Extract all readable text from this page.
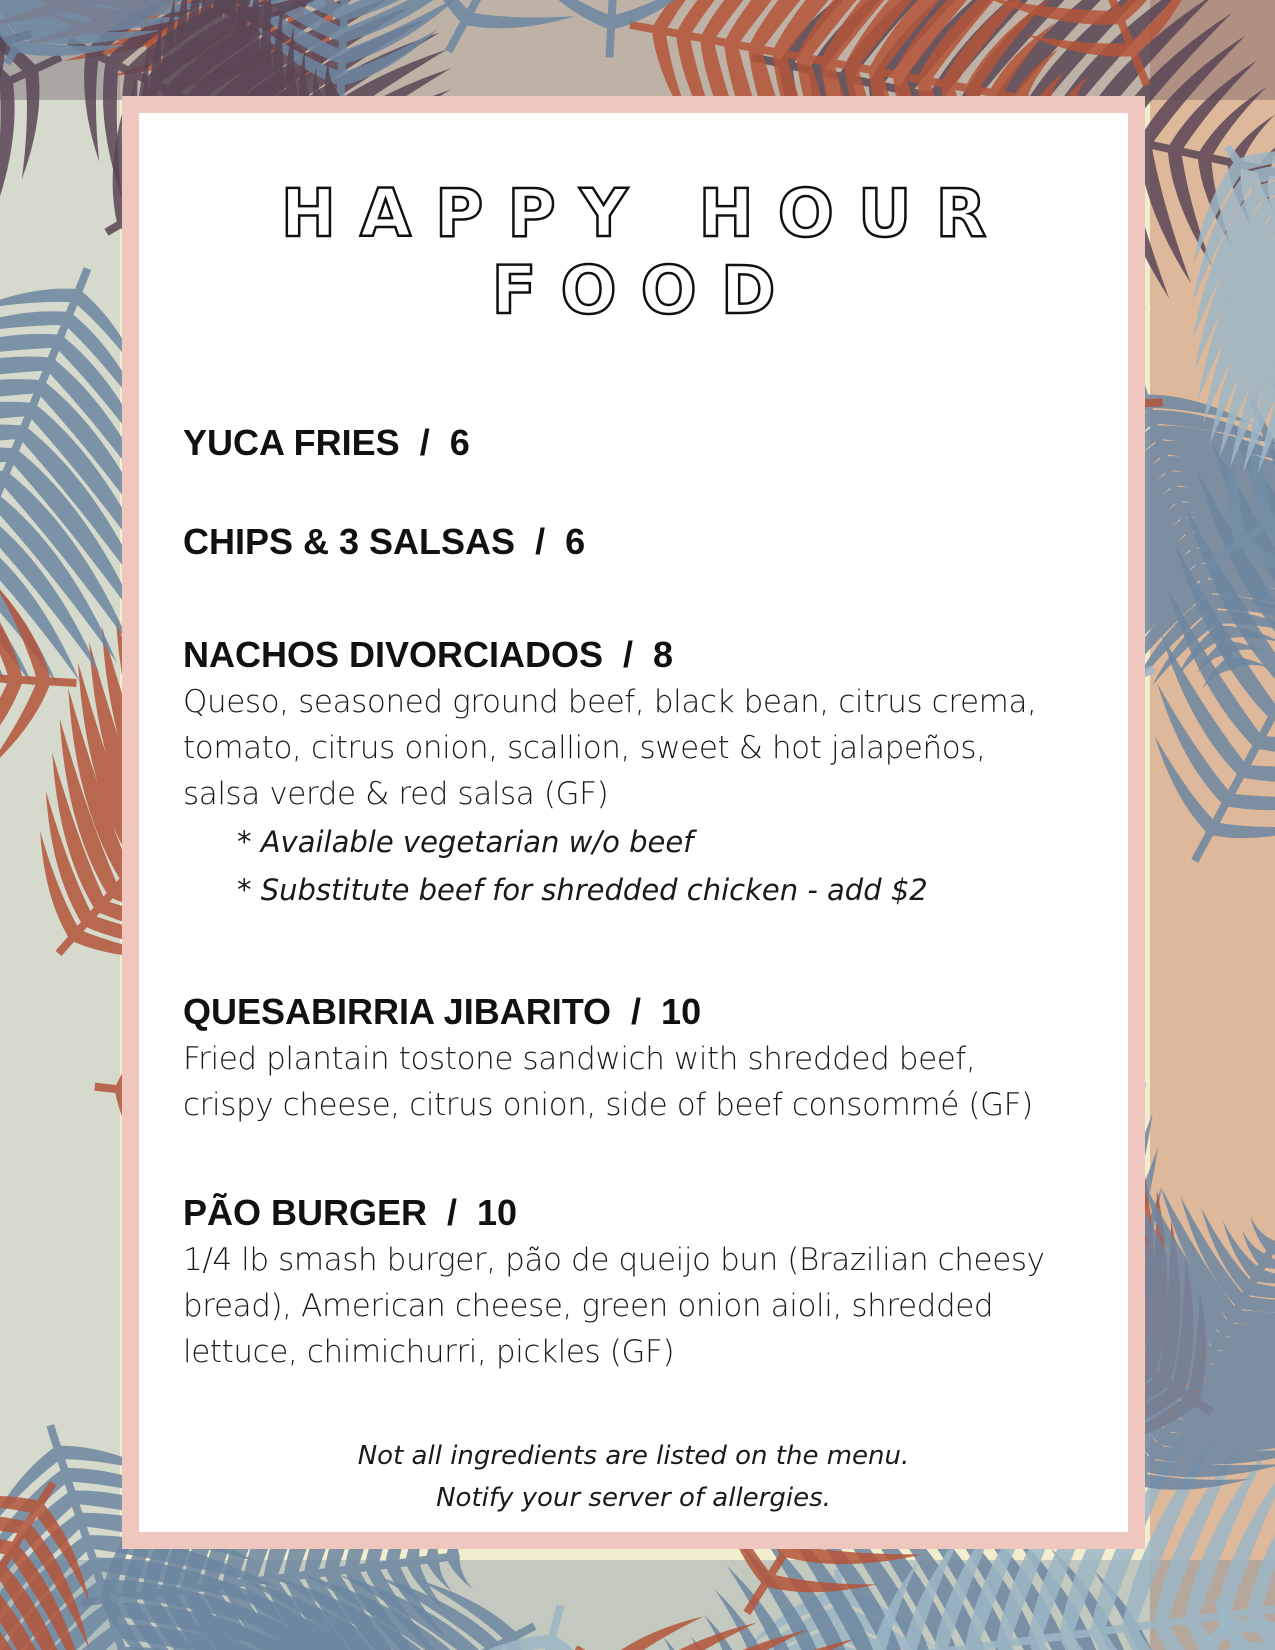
HAPPY HOUR FOOD
YUCA FRIES  /  6
CHIPS & 3 SALSAS  /  6
NACHOS DIVORCIADOS  /  8
Queso, seasoned ground beef, black bean, citrus crema, tomato, citrus onion, scallion, sweet & hot jalapeños, salsa verde & red salsa (GF)
* Available vegetarian w/o beef
* Substitute beef for shredded chicken - add $2
QUESABIRRIA JIBARITO  /  10
Fried plantain tostone sandwich with shredded beef, crispy cheese, citrus onion, side of beef consommé (GF)
PÃO BURGER  /  10
1/4 lb smash burger, pão de queijo bun (Brazilian cheesy bread), American cheese, green onion aioli, shredded lettuce, chimichurri, pickles (GF)
Not all ingredients are listed on the menu.
Notify your server of allergies.
